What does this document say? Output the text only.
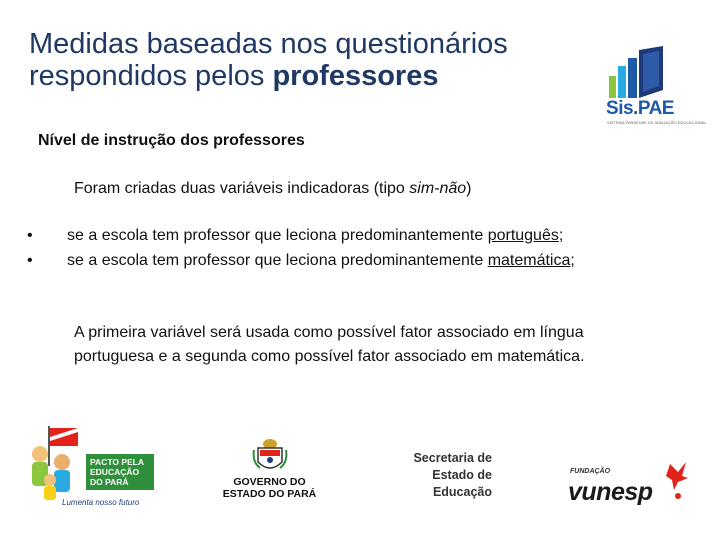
Medidas baseadas nos questionários
respondidos pelos professores
Sis.PAE
SISTEMA PARAENSE DE AVALIAÇÃO EDUCACIONAL
Nível de instrução dos professores
Foram criadas duas variáveis indicadoras (tipo sim-não)
• se a escola tem professor que leciona predominantemente português;
• se a escola tem professor que leciona predominantemente matemática;
A primeira variável será usada como possível fator associado em língua
portuguesa e a segunda como possível fator associado em matemática.
PACTO PELA
EDUCAÇÃO
DO PARÁ
Lumenta nosso futuro
GOVERNO DO
ESTADO DO PARÁ
Secretaria de
Estado de
Educação
FUNDAÇÃO
vunesp
